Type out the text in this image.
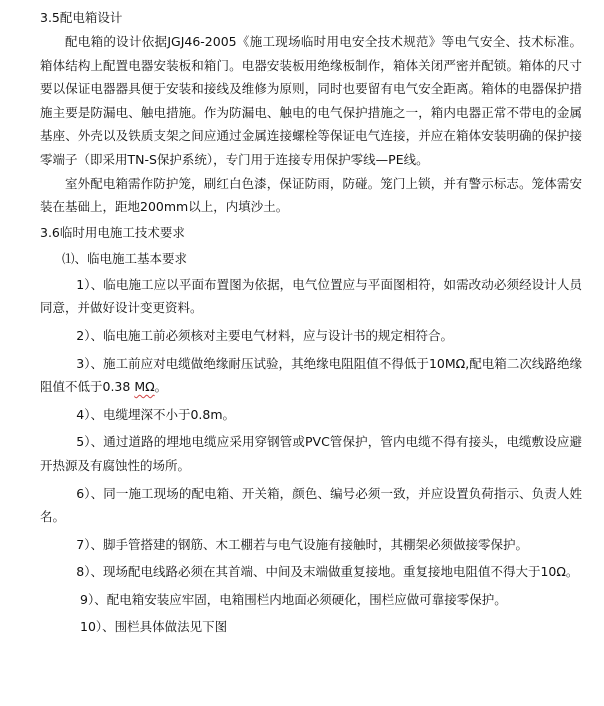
3.5配电箱设计

配电箱的设计依据JGJ46-2005《施工现场临时用电安全技术规范》等电气安全、技术标准。箱体结构上配置电器安装板和箱门。电器安装板用绝缘板制作，箱体关闭严密并配锁。箱体的尺寸要以保证电器器具便于安装和接线及维修为原则，同时也要留有电气安全距离。箱体的电器保护措施主要是防漏电、触电措施。作为防漏电、触电的电气保护措施之一，箱内电器正常不带电的金属基座、外壳以及铁质支架之间应通过金属连接螺栓等保证电气连接，并应在箱体安装明确的保护接零端子（即采用TN-S保护系统），专门用于连接专用保护零线—PE线。

室外配电箱需作防护笼，刷红白色漆，保证防雨，防碰。笼门上锁，并有警示标志。笼体需安装在基础上，距地200mm以上，内填沙土。

3.6临时用电施工技术要求

⑴、临电施工基本要求

1）、临电施工应以平面布置图为依据，电气位置应与平面图相符，如需改动必须经设计人员同意，并做好设计变更资料。

2）、临电施工前必须核对主要电气材料，应与设计书的规定相符合。

3）、施工前应对电缆做绝缘耐压试验，其绝缘电阻阻值不得低于10MΩ,配电箱二次线路绝缘阻值不低于0.38 MΩ。

4）、电缆埋深不小于0.8m。

5）、通过道路的埋地电缆应采用穿钢管或PVC管保护，管内电缆不得有接头，电缆敷设应避开热源及有腐蚀性的场所。

6）、同一施工现场的配电箱、开关箱，颜色、编号必须一致，并应设置负荷指示、负责人姓名。

7）、脚手管搭建的钢筋、木工棚若与电气设施有接触时，其棚架必须做接零保护。

8）、现场配电线路必须在其首端、中间及末端做重复接地。重复接地电阻值不得大于10Ω。

9）、配电箱安装应牢固，电箱围栏内地面必须硬化，围栏应做可靠接零保护。

10）、围栏具体做法见下图
